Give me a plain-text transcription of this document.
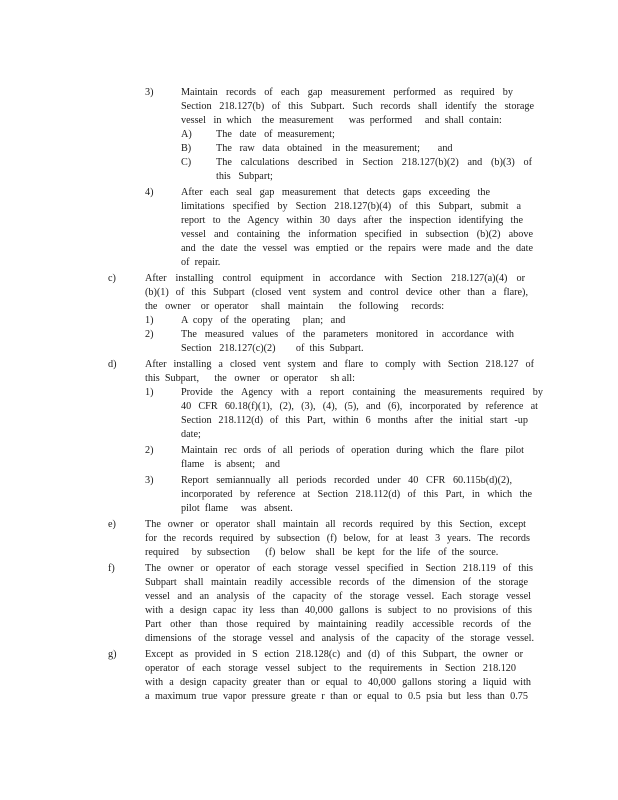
3)	Maintain records of each gap measurement performed as required by
Section 218.127(b) of this Subpart. Such records shall identify the storage
vessel   in  which    the  measurement      was  performed     and  shall  contain:
A) The   date   of  measurement;
B) The   raw   data   obtained    in  the  measurement;       and
C) The calculations described in Section 218.127(b)(2) and (b)(3) of
this   Subpart;
4)	After each seal gap measurement that detects gaps exceeding the
limitations specified by Section 218.127(b)(4) of this Subpart, submit a
report to the Agency within 30 days after the inspection identifying the
vessel and containing the information specified in subsection (b)(2) above
and the date the vessel was emptied or the repairs were made and the date
of  repair.
c)	After installing control equipment in accordance with Section 218.127(a)(4) or
(b)(1) of this Subpart (closed vent system and control device other than a flare),
the   owner    or  operator     shall   maintain      the   following     records:
1)	A  copy   of  the  operating     plan;   and
2)	The measured values of the parameters monitored in accordance with
Section   218.127(c)(2)        of  this  Subpart.
d)	After installing a closed vent system and flare to comply with Section 218.127 of
this  Subpart,      the   owner    or  operator     sh all:
1)	Provide the Agency with a report containing the measurements required by
40 CFR 60.18(f)(1), (2), (3), (4), (5), and (6), incorporated by reference at
Section 218.112(d) of this Part, within 6 months after the initial start -up
date;
2)	Maintain rec ords of all periods of operation during which the flare pilot
flame    is  absent;    and
3)	Report semiannually all periods recorded under 40 CFR 60.115b(d)(2),
incorporated by reference at Section 218.112(d) of this Part, in which the
pilot  flame     was   absent.
e)	The owner or operator shall maintain all records required by this Section, except
for the records required by subsection (f) below, for at least 3 years. The records
required     by  subsection      (f)  below    shall   be  kept   for  the  life   of  the  source.
f)	The owner or operator of each storage vessel specified in Section 218.119 of this
Subpart shall maintain readily accessible records of the dimension of the storage
vessel and an analysis of the capacity of the storage vessel. Each storage vessel
with a design capac ity less than 40,000 gallons is subject to no provisions of this
Part other than those required by maintaining readily accessible records of the
dimensions of the storage vessel and analysis of the capacity of the storage vessel.
g)	Except as provided in S ection 218.128(c) and (d) of this Subpart, the owner or
operator of each storage vessel subject to the requirements in Section 218.120
with a design capacity greater than or equal to 40,000 gallons storing a liquid with
a maximum true vapor pressure greate r than or equal to 0.5 psia but less than 0.75
